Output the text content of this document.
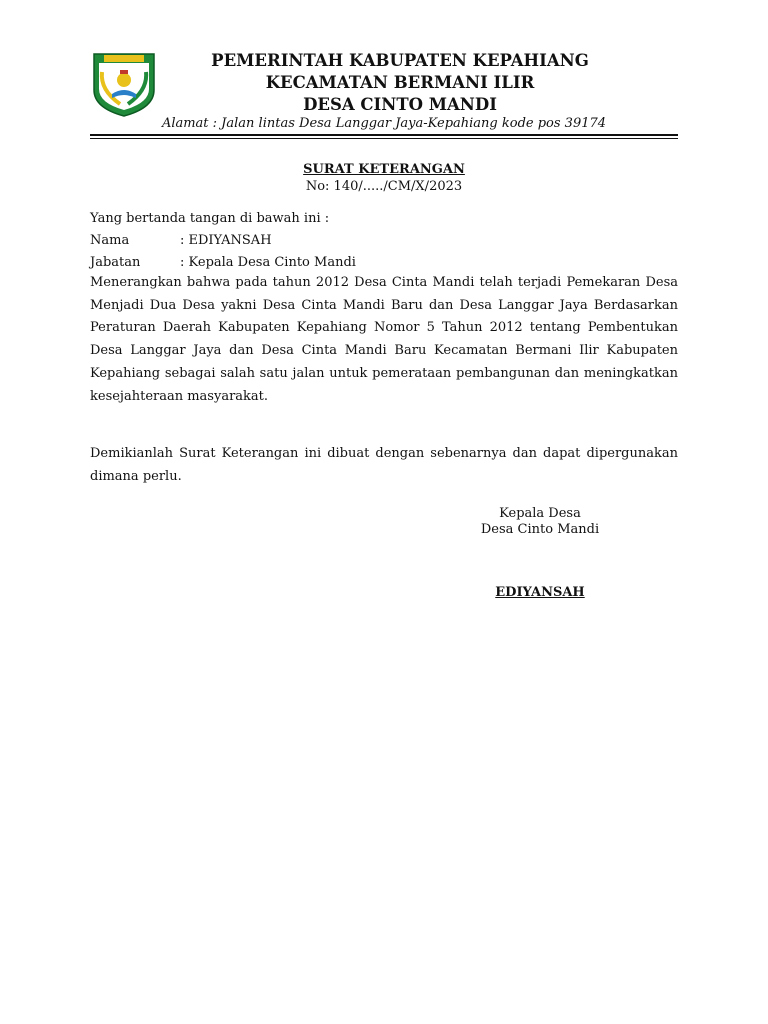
PEMERINTAH KABUPATEN KEPAHIANG
KECAMATAN BERMANI ILIR
DESA CINTO MANDI
Alamat : Jalan lintas Desa Langgar Jaya-Kepahiang kode pos 39174
SURAT KETERANGAN
No: 140/...../CM/X/2023
Yang bertanda tangan di bawah ini :
Nama	: EDIYANSAH
Jabatan	: Kepala Desa Cinto Mandi
Menerangkan bahwa pada tahun 2012 Desa Cinta Mandi telah terjadi Pemekaran Desa Menjadi Dua Desa yakni Desa Cinta Mandi Baru dan Desa Langgar Jaya Berdasarkan Peraturan Daerah Kabupaten Kepahiang Nomor 5 Tahun 2012 tentang Pembentukan Desa Langgar Jaya dan Desa Cinta Mandi Baru Kecamatan Bermani Ilir Kabupaten Kepahiang sebagai salah satu jalan untuk pemerataan pembangunan dan meningkatkan kesejahteraan masyarakat.
Demikianlah Surat Keterangan ini dibuat dengan sebenarnya dan dapat dipergunakan dimana perlu.
Kepala Desa
Desa Cinto Mandi
EDIYANSAH
